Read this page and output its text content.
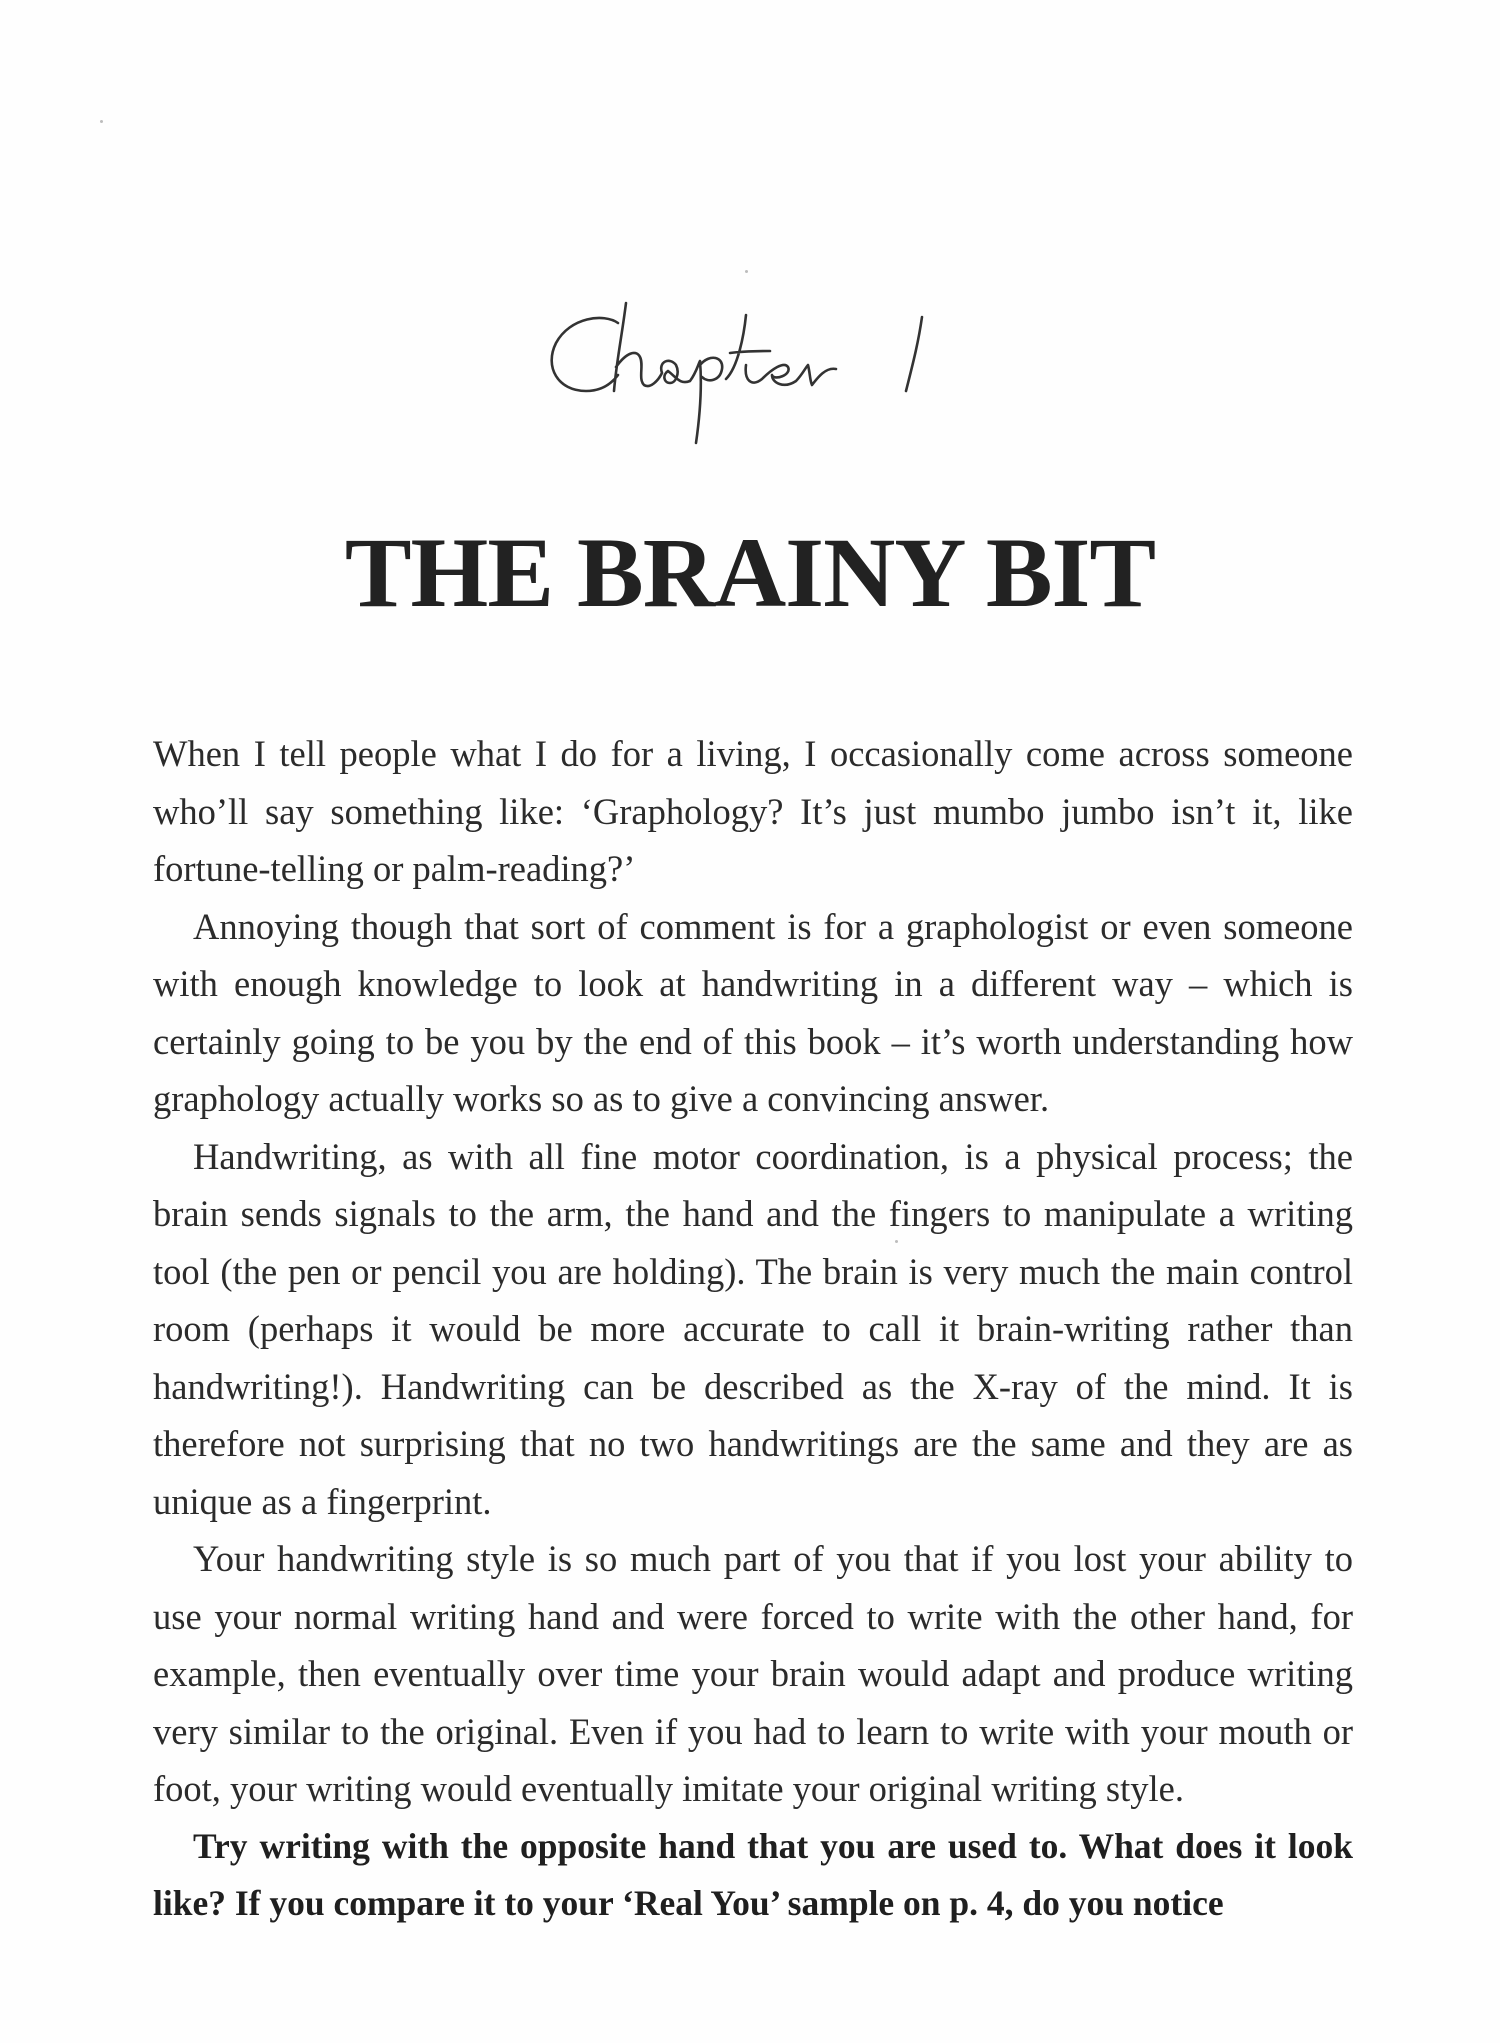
THE BRAINY BIT

When I tell people what I do for a living, I occasionally come across someone who’ll say something like: ‘Graphology? It’s just mumbo jumbo isn’t it, like fortune-telling or palm-reading?’

Annoying though that sort of comment is for a graphologist or even someone with enough knowledge to look at handwriting in a different way – which is certainly going to be you by the end of this book – it’s worth understanding how graphology actually works so as to give a convincing answer.

Handwriting, as with all fine motor coordination, is a physical process; the brain sends signals to the arm, the hand and the fingers to manipulate a writing tool (the pen or pencil you are holding). The brain is very much the main control room (perhaps it would be more accurate to call it brain-writing rather than handwriting!). Handwriting can be described as the X-ray of the mind. It is therefore not surprising that no two handwritings are the same and they are as unique as a fingerprint.

Your handwriting style is so much part of you that if you lost your ability to use your normal writing hand and were forced to write with the other hand, for example, then eventually over time your brain would adapt and produce writing very similar to the original. Even if you had to learn to write with your mouth or foot, your writing would eventually imitate your original writing style.

Try writing with the opposite hand that you are used to. What does it look like? If you compare it to your ‘Real You’ sample on p. 4, do you notice
